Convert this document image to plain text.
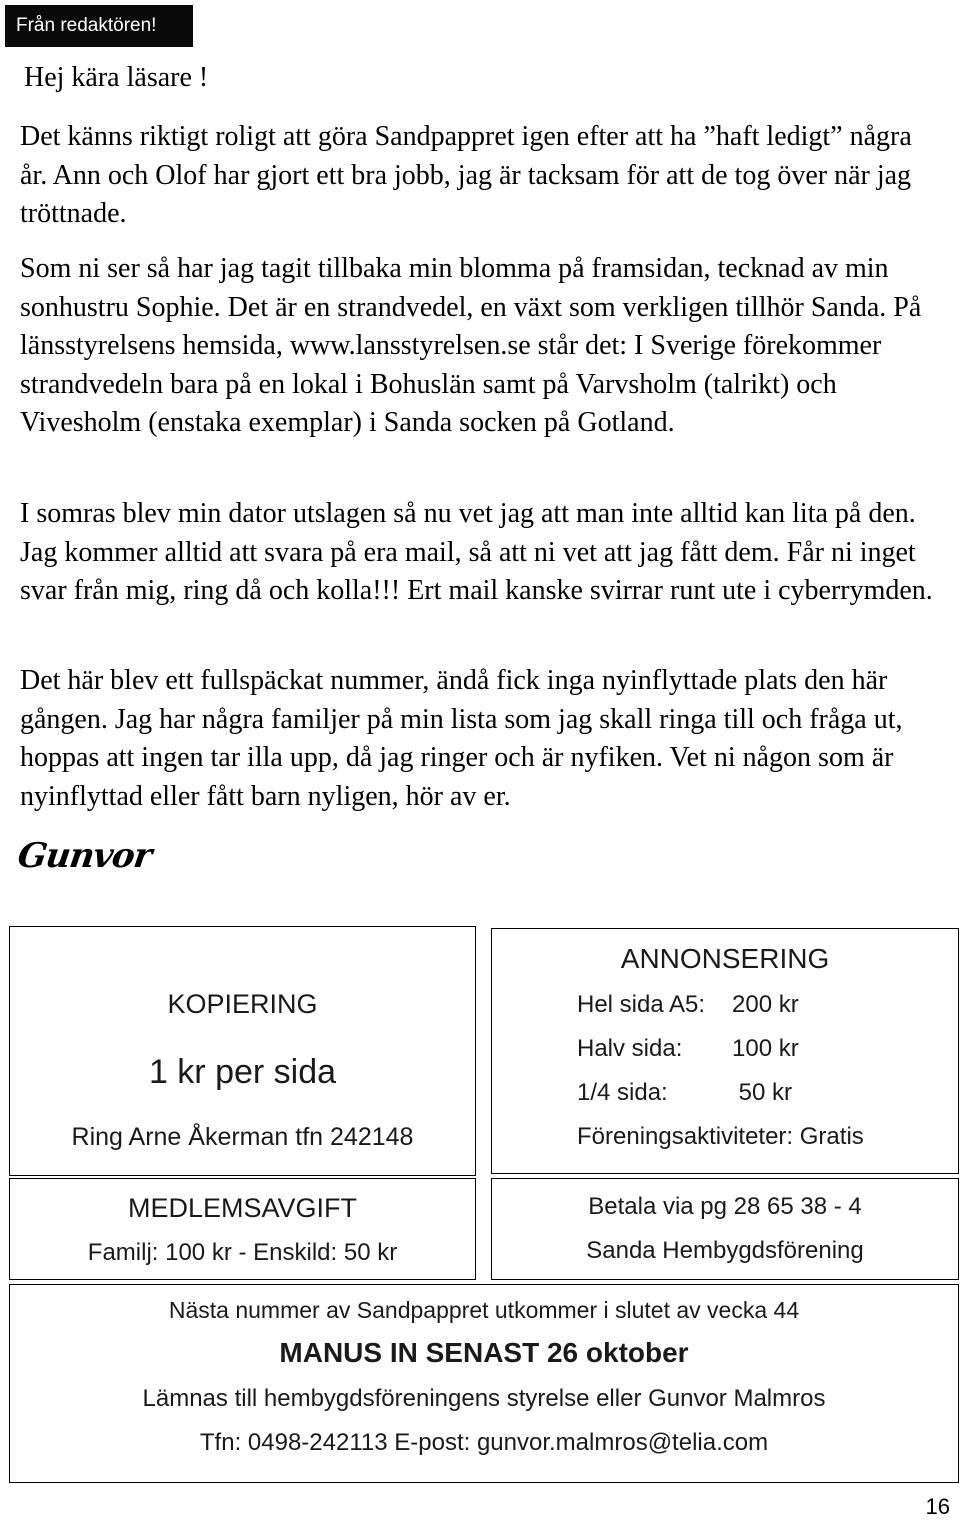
Från redaktören!
Hej kära läsare !
Det känns riktigt roligt att göra Sandpappret igen efter att ha ”haft ledigt” några år. Ann och Olof har gjort ett bra jobb, jag är tacksam för att de tog över när jag tröttnade.
Som ni ser så har jag tagit tillbaka min blomma på framsidan, tecknad av min sonhustru Sophie. Det är en strandvedel, en växt som verkligen tillhör Sanda. På länsstyrelsens hemsida, www.lansstyrelsen.se står det: I Sverige förekommer strandvedeln bara på en lokal i Bohuslän samt på Varvsholm (talrikt) och Vivesholm (enstaka exemplar) i Sanda socken på Gotland.
I somras blev min dator utslagen så nu vet jag att man inte alltid kan lita på den. Jag kommer alltid att svara på era mail, så att ni vet att jag fått dem. Får ni inget svar från mig, ring då och kolla!!! Ert mail kanske svirrar runt ute i cyberrymden.
Det här blev ett fullspäckat nummer, ändå fick inga nyinflyttade plats den här gången. Jag har några familjer på min lista som jag skall ringa till och fråga ut, hoppas att ingen tar illa upp, då jag ringer och är nyfiken. Vet ni någon som är nyinflyttad eller fått barn nyligen, hör av er.
Gunvor
KOPIERING
1 kr per sida
Ring Arne Åkerman tfn 242148
ANNONSERING
Hel sida A5: 200 kr
Halv sida: 100 kr
1/4 sida:	50 kr
Föreningsaktiviteter: Gratis
MEDLEMSAVGIFT
Familj: 100 kr - Enskild: 50 kr
Betala via pg 28 65 38 - 4
Sanda Hembygdsförening
Nästa nummer av Sandpappret utkommer i slutet av vecka 44
MANUS IN SENAST 26 oktober
Lämnas till hembygdsföreningens styrelse eller Gunvor Malmros
Tfn: 0498-242113 E-post: gunvor.malmros@telia.com
16
